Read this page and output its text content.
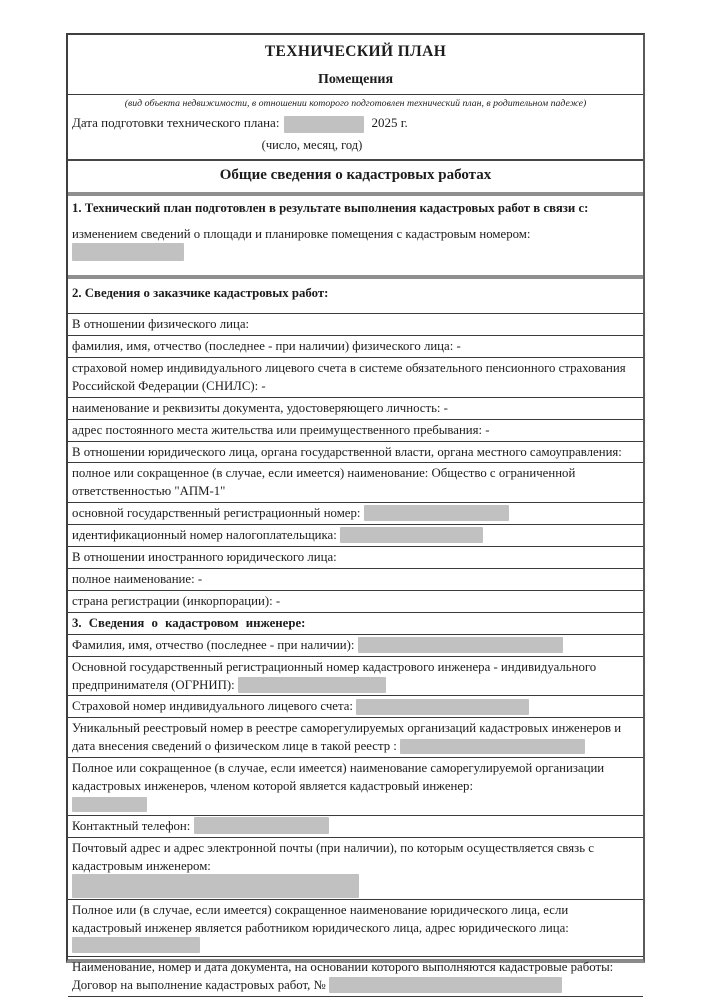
ТЕХНИЧЕСКИЙ ПЛАН
Помещения
(вид объекта недвижимости, в отношении которого подготовлен технический план, в родительном падеже)
Дата подготовки технического плана:	2025 г.
(число, месяц, год)
Общие сведения о кадастровых работах
1. Технический план подготовлен в результате выполнения кадастровых работ в связи с:
изменением сведений о площади и планировке помещения с кадастровым номером:
2. Сведения о заказчике кадастровых работ:
В отношении физического лица:
фамилия, имя, отчество (последнее - при наличии) физического лица: -
страховой номер индивидуального лицевого счета в системе обязательного пенсионного страхования Российской Федерации (СНИЛС): -
наименование и реквизиты документа, удостоверяющего личность: -
адрес постоянного места жительства или преимущественного пребывания: -
В отношении юридического лица, органа государственной власти, органа местного самоуправления:
полное или сокращенное (в случае, если имеется) наименование: Общество с ограниченной ответственностью "АПМ-1"
основной государственный регистрационный номер:
идентификационный номер налогоплательщика:
В отношении иностранного юридического лица:
полное наименование: -
страна регистрации (инкорпорации): -
3. Сведения о кадастровом инженере:
Фамилия, имя, отчество (последнее - при наличии):
Основной государственный регистрационный номер кадастрового инженера - индивидуального предпринимателя (ОГРНИП):
Страховой номер индивидуального лицевого счета:
Уникальный реестровый номер в реестре саморегулируемых организаций кадастровых инженеров и дата внесения сведений о физическом лице в такой реестр :
Полное или сокращенное (в случае, если имеется) наименование саморегулируемой организации кадастровых инженеров, членом которой является кадастровый инженер:
Контактный телефон:
Почтовый адрес и адрес электронной почты (при наличии), по которым осуществляется связь с кадастровым инженером:
Полное или (в случае, если имеется) сокращенное наименование юридического лица, если кадастровый инженер является работником юридического лица, адрес юридического лица:
Наименование, номер и дата документа, на основании которого выполняются кадастровые работы:
Договор на выполнение кадастровых работ, №
